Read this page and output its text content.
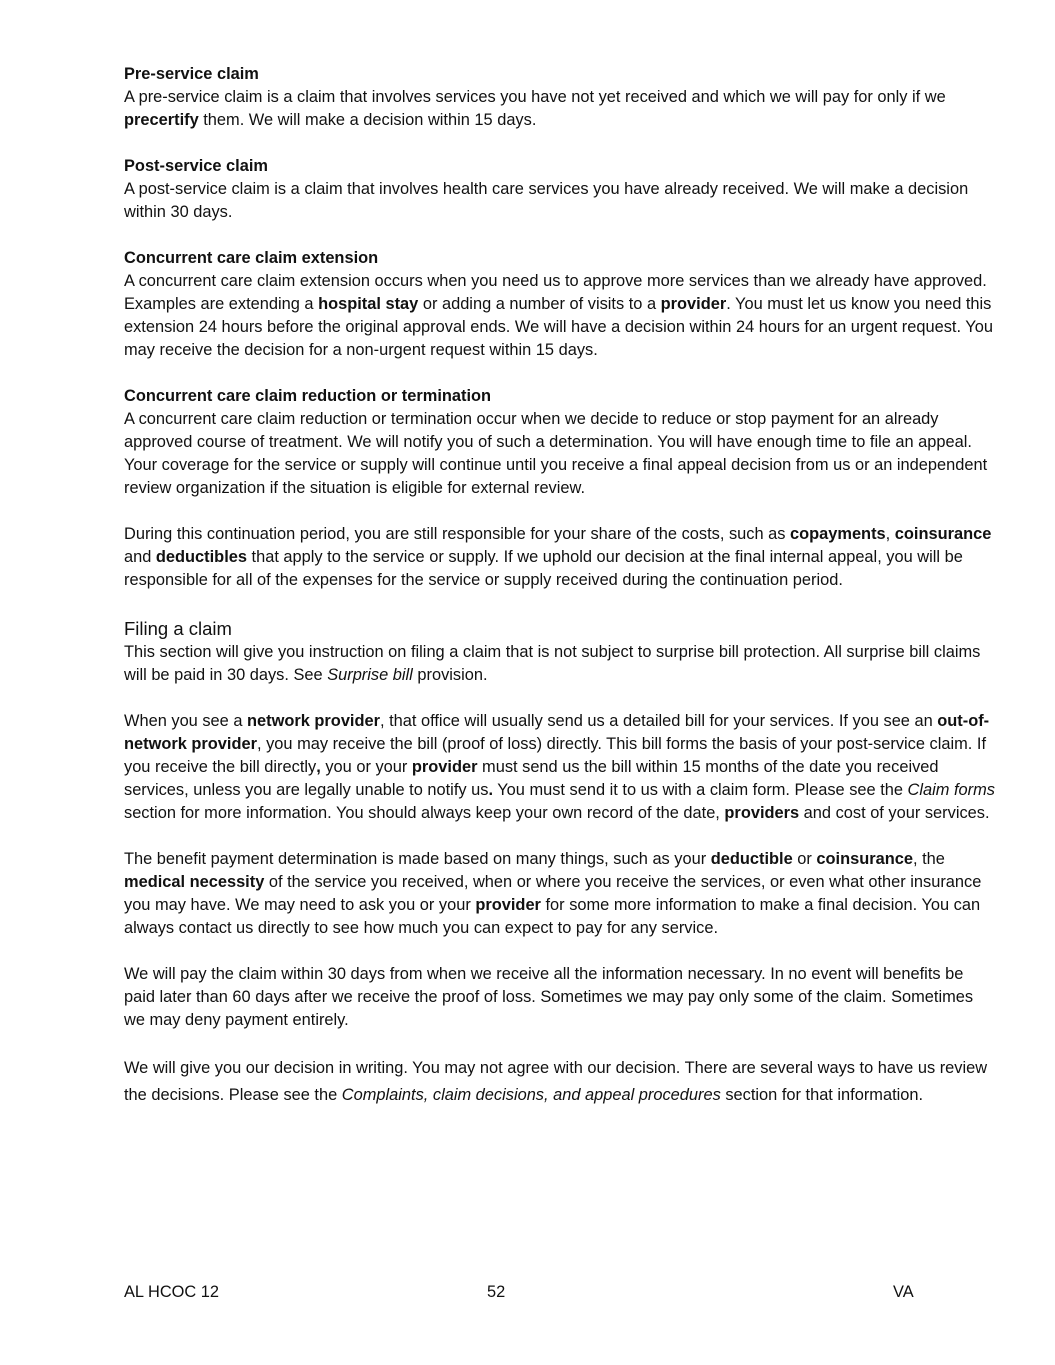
Pre-service claim

A pre-service claim is a claim that involves services you have not yet received and which we will pay for only if we precertify them. We will make a decision within 15 days.

Post-service claim

A post-service claim is a claim that involves health care services you have already received. We will make a decision within 30 days.

Concurrent care claim extension

A concurrent care claim extension occurs when you need us to approve more services than we already have approved. Examples are extending a hospital stay or adding a number of visits to a provider. You must let us know you need this extension 24 hours before the original approval ends. We will have a decision within 24 hours for an urgent request. You may receive the decision for a non-urgent request within 15 days.

Concurrent care claim reduction or termination

A concurrent care claim reduction or termination occur when we decide to reduce or stop payment for an already approved course of treatment. We will notify you of such a determination. You will have enough time to file an appeal. Your coverage for the service or supply will continue until you receive a final appeal decision from us or an independent review organization if the situation is eligible for external review.

During this continuation period, you are still responsible for your share of the costs, such as copayments, coinsurance and deductibles that apply to the service or supply. If we uphold our decision at the final internal appeal, you will be responsible for all of the expenses for the service or supply received during the continuation period.

Filing a claim

This section will give you instruction on filing a claim that is not subject to surprise bill protection. All surprise bill claims will be paid in 30 days. See Surprise bill provision.

When you see a network provider, that office will usually send us a detailed bill for your services. If you see an out-of-network provider, you may receive the bill (proof of loss) directly. This bill forms the basis of your post-service claim. If you receive the bill directly, you or your provider must send us the bill within 15 months of the date you received services, unless you are legally unable to notify us. You must send it to us with a claim form. Please see the Claim forms section for more information. You should always keep your own record of the date, providers and cost of your services.

The benefit payment determination is made based on many things, such as your deductible or coinsurance, the medical necessity of the service you received, when or where you receive the services, or even what other insurance you may have. We may need to ask you or your provider for some more information to make a final decision. You can always contact us directly to see how much you can expect to pay for any service.

We will pay the claim within 30 days from when we receive all the information necessary. In no event will benefits be paid later than 60 days after we receive the proof of loss. Sometimes we may pay only some of the claim. Sometimes we may deny payment entirely.

We will give you our decision in writing. You may not agree with our decision. There are several ways to have us review the decisions. Please see the Complaints, claim decisions, and appeal procedures section for that information.

AL HCOC 12	52	VA
